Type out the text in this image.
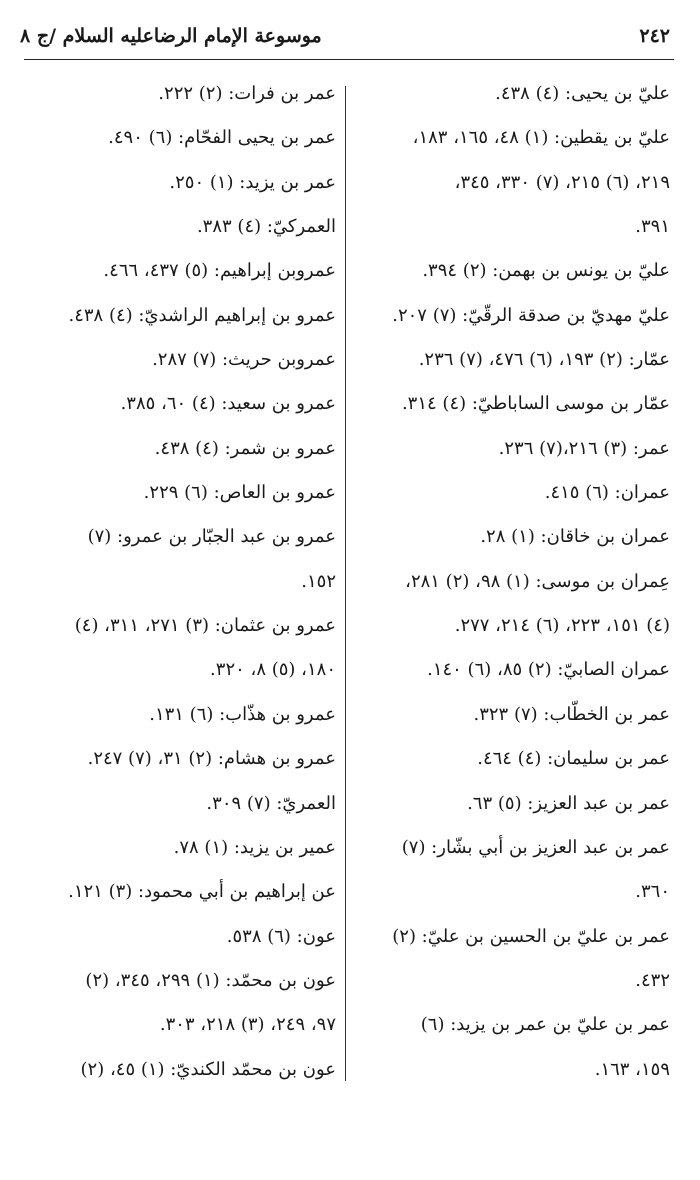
٢٤٢
موسوعة الإمام الرضاعليه السلام /ج ٨
عليّ بن يحيى: (٤) ٤٣٨.
عليّ بن يقطين: (١) ٤٨، ١٦٥، ١٨٣،
٢١٩، (٦) ٢١٥، (٧) ٣٣٠، ٣٤٥،
٣٩١.
عليّ بن يونس بن بهمن: (٢) ٣٩٤.
عليّ مهديّ بن صدقة الرقّيّ: (٧) ٢٠٧.
عمّار: (٢) ١٩٣، (٦) ٤٧٦، (٧) ٢٣٦.
عمّار بن موسى الساباطيّ: (٤) ٣١٤.
عمر: (٣) ٢١٦،(٧) ٢٣٦.
عمران: (٦) ٤١٥.
عمران بن خاقان: (١) ٢٨.
عِمران بن موسى: (١) ٩٨، (٢) ٢٨١،
(٤) ١٥١، ٢٢٣، (٦) ٢١٤، ٢٧٧.
عمران الصابيّ: (٢) ٨٥، (٦) ١٤٠.
عمر بن الخطّاب: (٧) ٣٢٣.
عمر بن سليمان: (٤) ٤٦٤.
عمر بن عبد العزيز: (٥) ٦٣.
عمر بن عبد العزيز بن أبي بشّار: (٧)
٣٦٠.
عمر بن عليّ بن الحسين بن عليّ: (٢)
٤٣٢.
عمر بن عليّ بن عمر بن يزيد: (٦)
١٥٩، ١٦٣.
عمر بن فرات: (٢) ٢٢٢.
عمر بن يحيى الفحّام: (٦) ٤٩٠.
عمر بن يزيد: (١) ٢٥٠.
العمركيّ: (٤) ٣٨٣.
عمروبن إبراهيم: (٥) ٤٣٧، ٤٦٦.
عمرو بن إبراهيم الراشديّ: (٤) ٤٣٨.
عمروبن حريث: (٧) ٢٨٧.
عمرو بن سعيد: (٤) ٦٠، ٣٨٥.
عمرو بن شمر: (٤) ٤٣٨.
عمرو بن العاص: (٦) ٢٢٩.
عمرو بن عبد الجبّار بن عمرو: (٧)
١٥٢.
عمرو بن عثمان: (٣) ٢٧١، ٣١١، (٤)
١٨٠، (٥) ٨، ٣٢٠.
عمرو بن هذّاب: (٦) ١٣١.
عمرو بن هشام: (٢) ٣١، (٧) ٢٤٧.
العمريّ: (٧) ٣٠٩.
عمير بن يزيد: (١) ٧٨.
عن إبراهيم بن أبي محمود: (٣) ١٢١.
عون: (٦) ٥٣٨.
عون بن محمّد: (١) ٢٩٩، ٣٤٥، (٢)
٩٧، ٢٤٩، (٣) ٢١٨، ٣٠٣.
عون بن محمّد الكنديّ: (١) ٤٥، (٢)
